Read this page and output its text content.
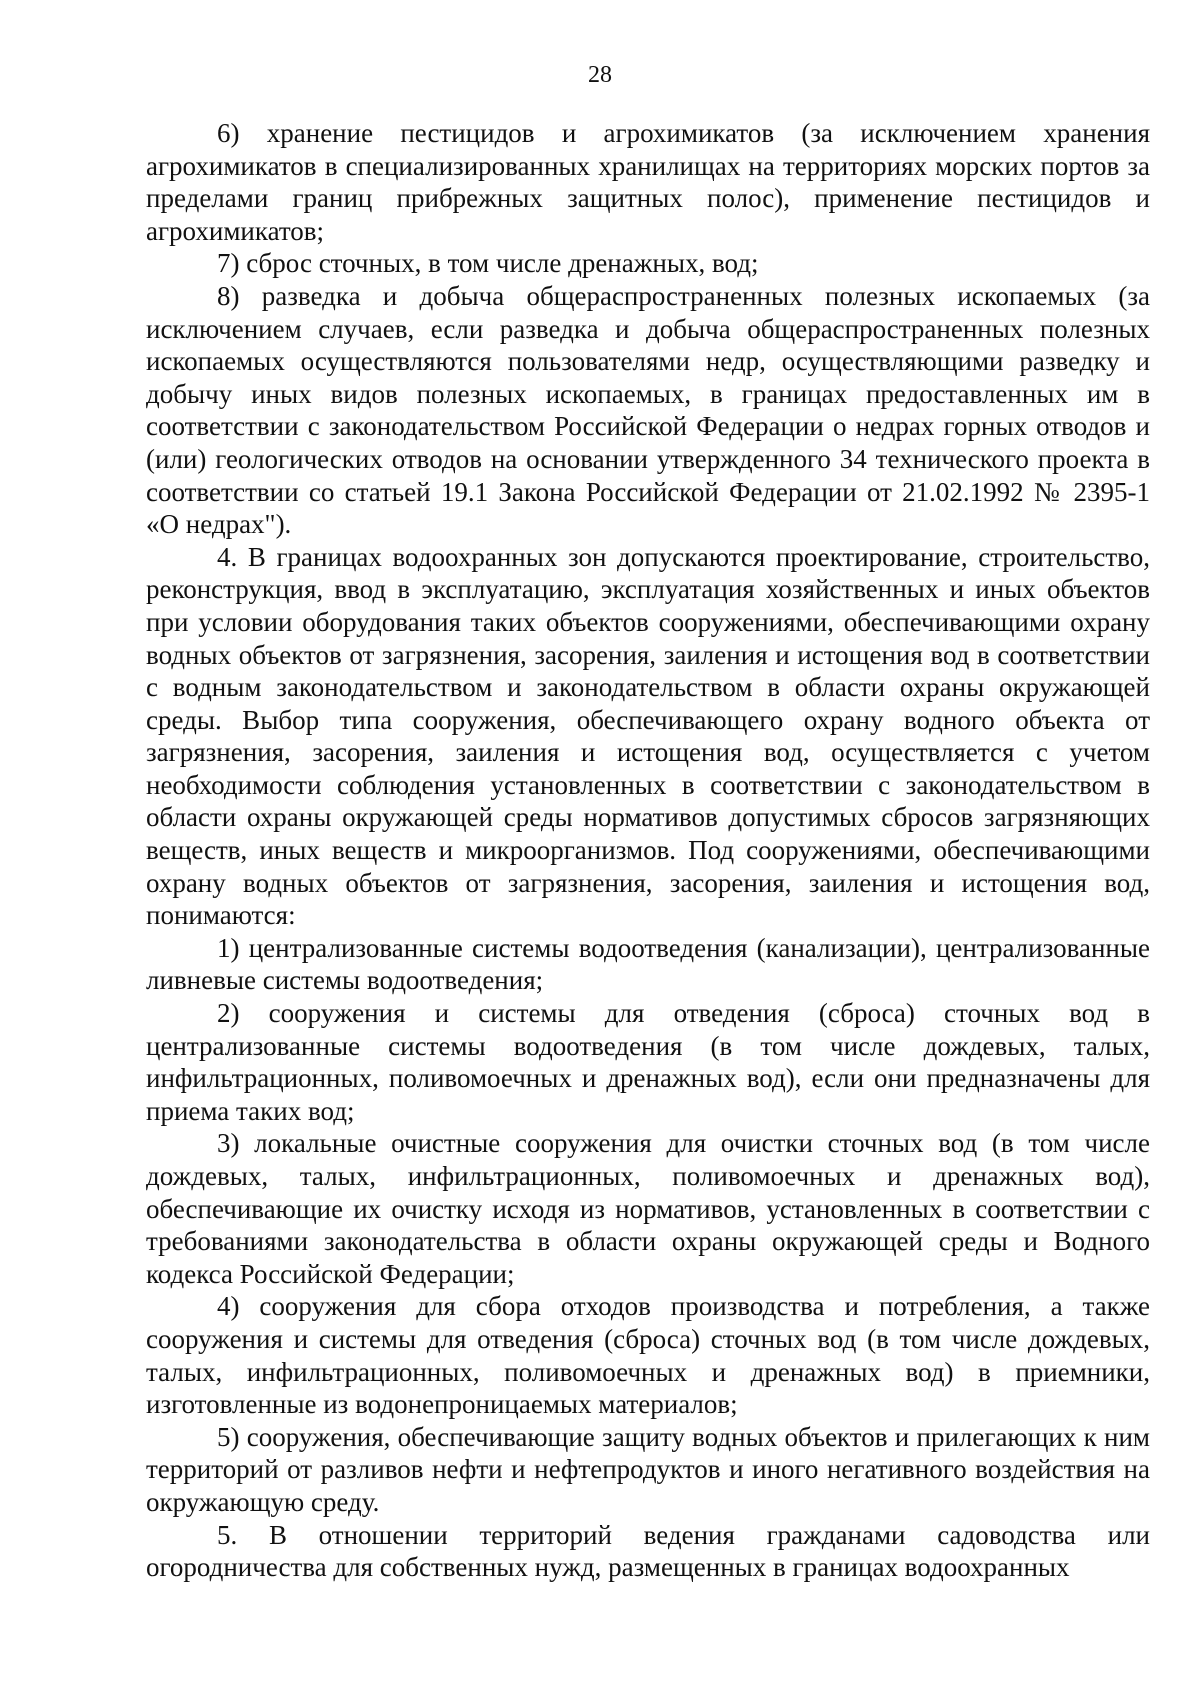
28

6) хранение пестицидов и агрохимикатов (за исключением хранения агрохимикатов в специализированных хранилищах на территориях морских портов за пределами границ прибрежных защитных полос), применение пестицидов и агрохимикатов;

7) сброс сточных, в том числе дренажных, вод;

8) разведка и добыча общераспространенных полезных ископаемых (за исключением случаев, если разведка и добыча общераспространенных полезных ископаемых осуществляются пользователями недр, осуществляющими разведку и добычу иных видов полезных ископаемых, в границах предоставленных им в соответствии с законодательством Российской Федерации о недрах горных отводов и (или) геологических отводов на основании утвержденного 34 технического проекта в соответствии со статьей 19.1 Закона Российской Федерации от 21.02.1992 № 2395-1 «О недрах").

4. В границах водоохранных зон допускаются проектирование, строительство, реконструкция, ввод в эксплуатацию, эксплуатация хозяйственных и иных объектов при условии оборудования таких объектов сооружениями, обеспечивающими охрану водных объектов от загрязнения, засорения, заиления и истощения вод в соответствии с водным законодательством и законодательством в области охраны окружающей среды. Выбор типа сооружения, обеспечивающего охрану водного объекта от загрязнения, засорения, заиления и истощения вод, осуществляется с учетом необходимости соблюдения установленных в соответствии с законодательством в области охраны окружающей среды нормативов допустимых сбросов загрязняющих веществ, иных веществ и микроорганизмов. Под сооружениями, обеспечивающими охрану водных объектов от загрязнения, засорения, заиления и истощения вод, понимаются:

1) централизованные системы водоотведения (канализации), централизованные ливневые системы водоотведения;

2) сооружения и системы для отведения (сброса) сточных вод в централизованные системы водоотведения (в том числе дождевых, талых, инфильтрационных, поливомоечных и дренажных вод), если они предназначены для приема таких вод;

3) локальные очистные сооружения для очистки сточных вод (в том числе дождевых, талых, инфильтрационных, поливомоечных и дренажных вод), обеспечивающие их очистку исходя из нормативов, установленных в соответствии с требованиями законодательства в области охраны окружающей среды и Водного кодекса Российской Федерации;

4) сооружения для сбора отходов производства и потребления, а также сооружения и системы для отведения (сброса) сточных вод (в том числе дождевых, талых, инфильтрационных, поливомоечных и дренажных вод) в приемники, изготовленные из водонепроницаемых материалов;

5) сооружения, обеспечивающие защиту водных объектов и прилегающих к ним территорий от разливов нефти и нефтепродуктов и иного негативного воздействия на окружающую среду.

5. В отношении территорий ведения гражданами садоводства или огородничества для собственных нужд, размещенных в границах водоохранных
